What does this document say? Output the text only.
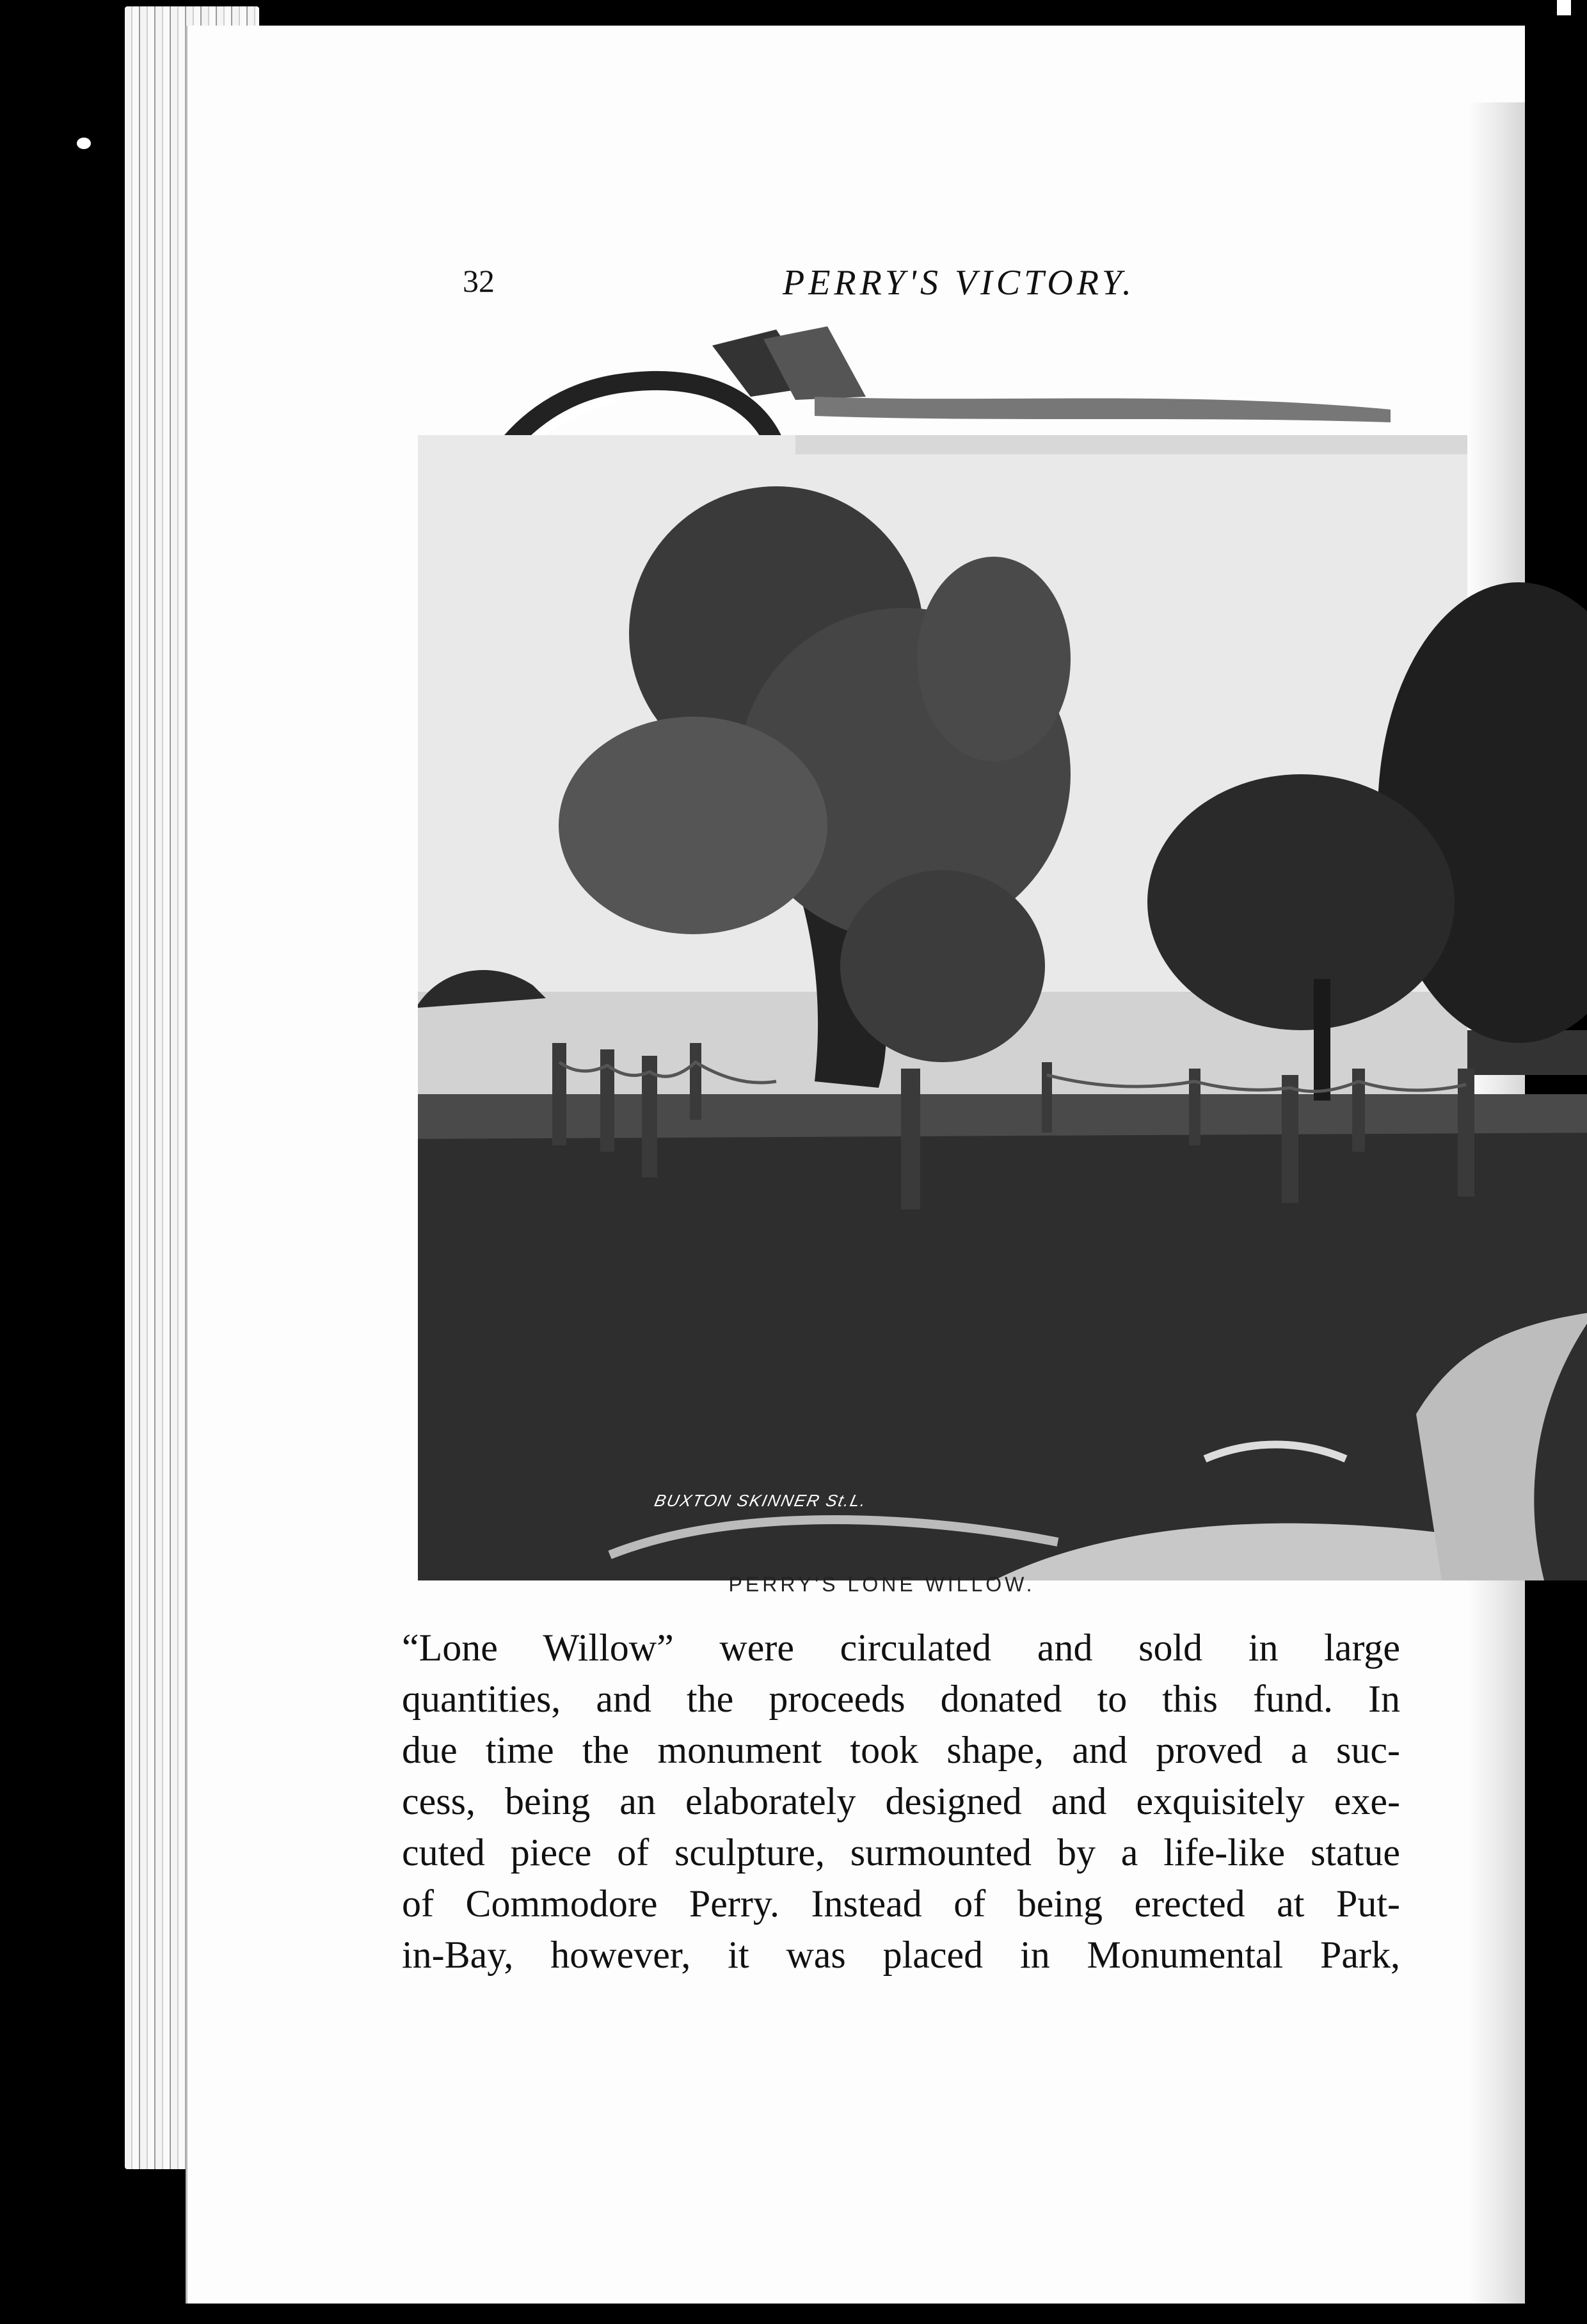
32	PERRY'S VICTORY.
BUXTON SKINNER St.L.
PERRY'S LONE WILLOW.
“Lone Willow” were circulated and sold in large
quantities, and the proceeds donated to this fund. In
due time the monument took shape, and proved a suc-
cess, being an elaborately designed and exquisitely exe-
cuted piece of sculpture, surmounted by a life-like statue
of Commodore Perry. Instead of being erected at Put-
in-Bay, however, it was placed in Monumental Park,
